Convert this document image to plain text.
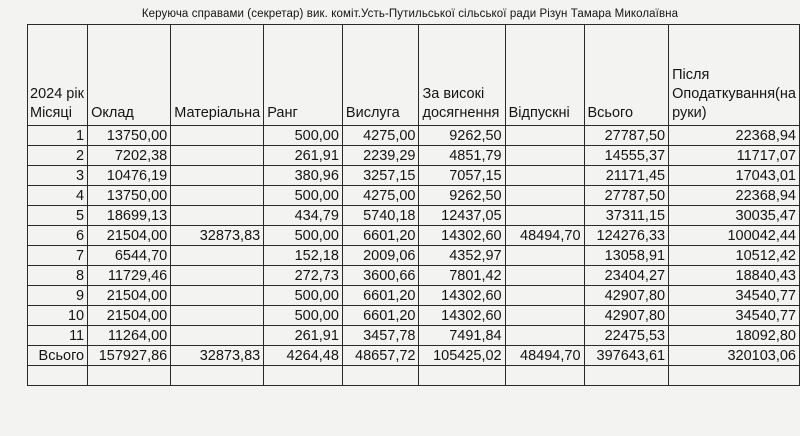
Керуюча справами (секретар) вик. коміт.Усть-Путильської сільської ради Різун Тамара Миколаївна
2024 рік Місяці	Оклад	Матеріальна	Ранг	Вислуга	За високі досягнення	Відпускні	Всього	Після Оподаткування(на руки)
1	13750,00		500,00	4275,00	9262,50		27787,50	22368,94
2	7202,38		261,91	2239,29	4851,79		14555,37	11717,07
3	10476,19		380,96	3257,15	7057,15		21171,45	17043,01
4	13750,00		500,00	4275,00	9262,50		27787,50	22368,94
5	18699,13		434,79	5740,18	12437,05		37311,15	30035,47
6	21504,00	32873,83	500,00	6601,20	14302,60	48494,70	124276,33	100042,44
7	6544,70		152,18	2009,06	4352,97		13058,91	10512,42
8	11729,46		272,73	3600,66	7801,42		23404,27	18840,43
9	21504,00		500,00	6601,20	14302,60		42907,80	34540,77
10	21504,00		500,00	6601,20	14302,60		42907,80	34540,77
11	11264,00		261,91	3457,78	7491,84		22475,53	18092,80
Всього	157927,86	32873,83	4264,48	48657,72	105425,02	48494,70	397643,61	320103,06
